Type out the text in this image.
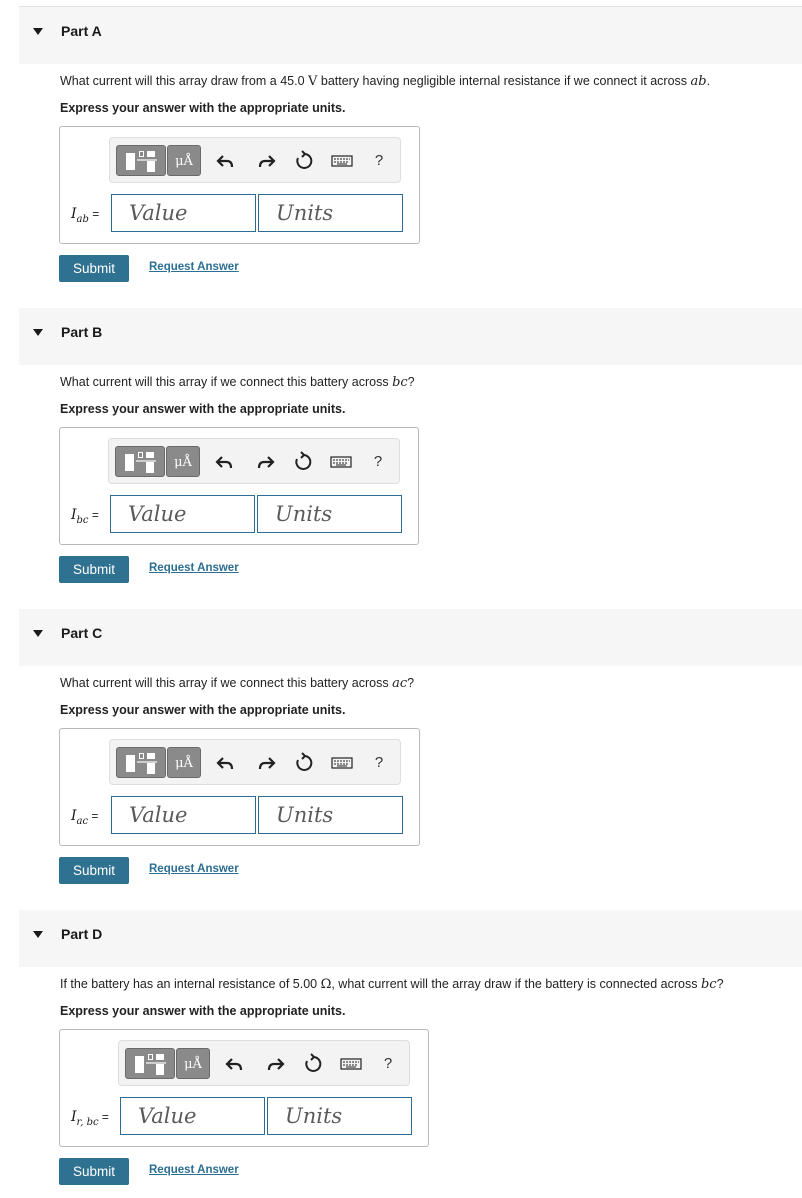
Part A
What current will this array draw from a 45.0 V battery having negligible internal resistance if we connect it across ab.
Express your answer with the appropriate units.
μÅ	?
$I_{ab}$ =	Value	Units
Submit	Request Answer
Part B
What current will this array if we connect this battery across bc?
Express your answer with the appropriate units.
μÅ	?
$I_{bc}$ =	Value	Units
Submit	Request Answer
Part C
What current will this array if we connect this battery across ac?
Express your answer with the appropriate units.
μÅ	?
$I_{ac}$ =	Value	Units
Submit	Request Answer
Part D
If the battery has an internal resistance of 5.00 Ω, what current will the array draw if the battery is connected across bc?
Express your answer with the appropriate units.
μÅ	?
$I_{r, bc}$ =	Value	Units
Submit	Request Answer
